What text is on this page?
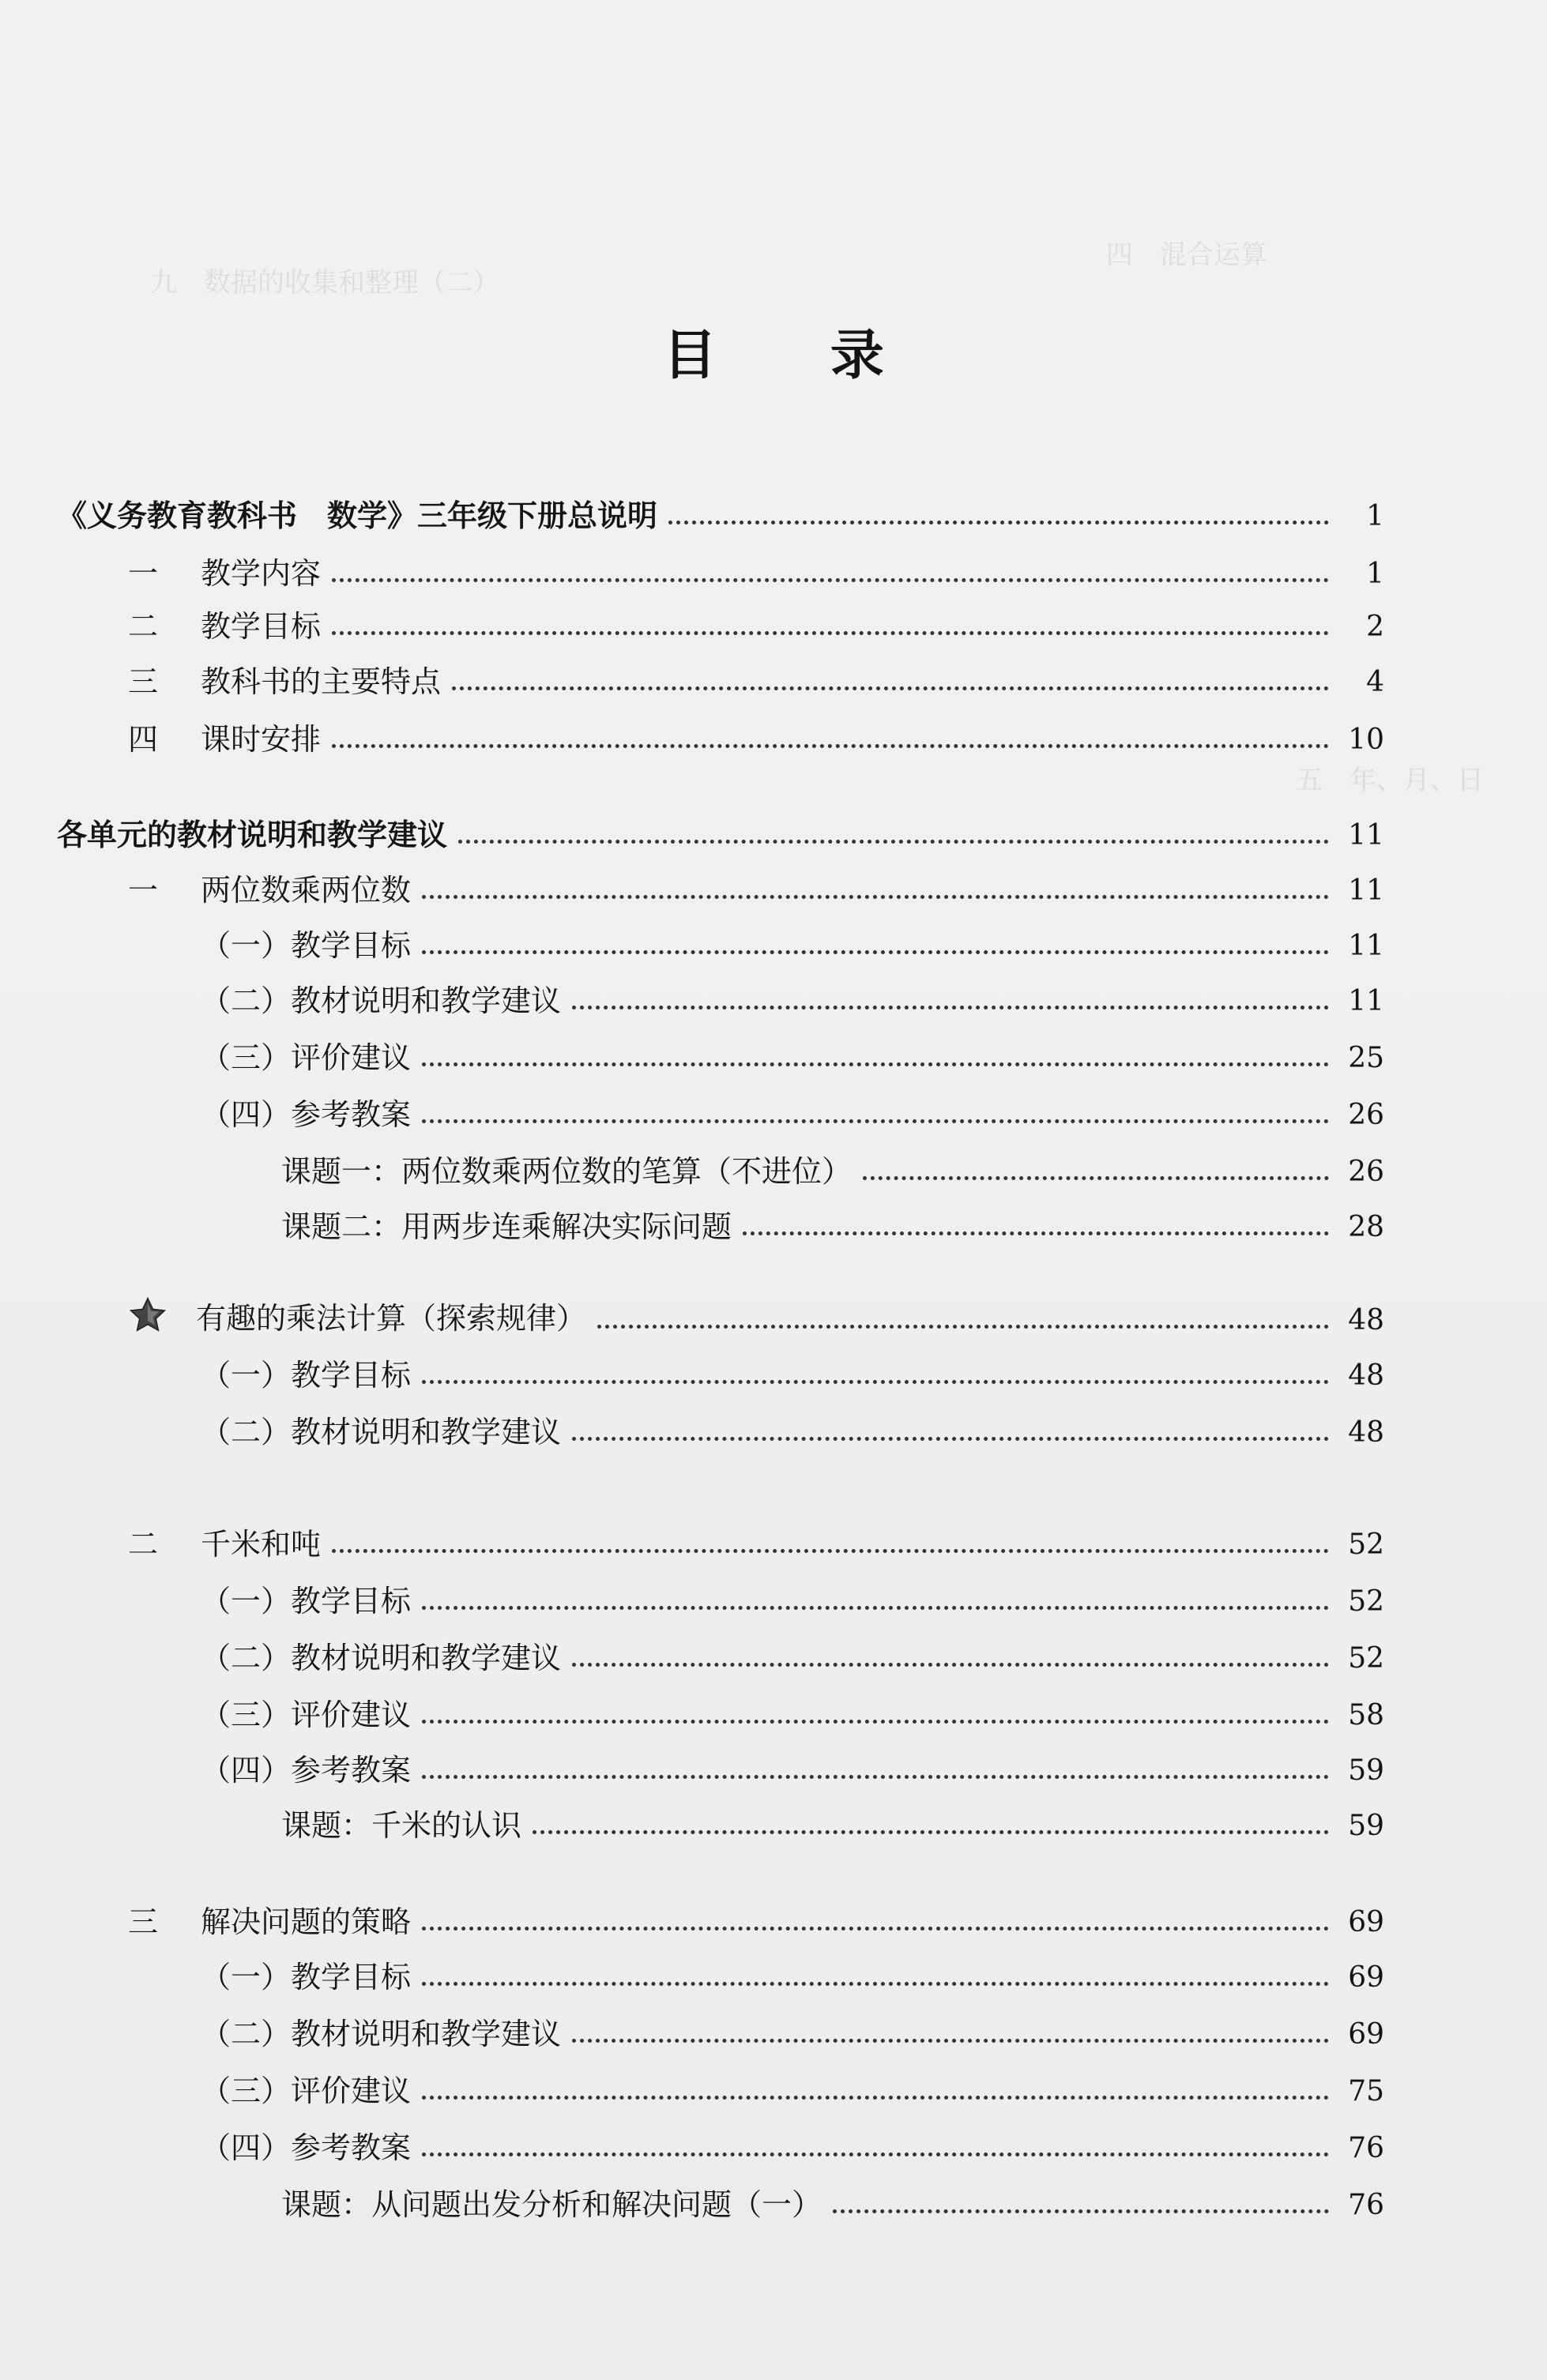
九　数据的收集和整理（二）
四　混合运算
五　年、月、日
目 录
《义务教育教科书　数学》三年级下册总说明	1
一 教学内容	1
二 教学目标	2
三 教科书的主要特点	4
四 课时安排	10
各单元的教材说明和教学建议	11
一 两位数乘两位数	11
（一）教学目标	11
（二）教材说明和教学建议	11
（三）评价建议	25
（四）参考教案	26
课题一：两位数乘两位数的笔算（不进位）	26
课题二：用两步连乘解决实际问题	28
有趣的乘法计算（探索规律）	48
（一）教学目标	48
（二）教材说明和教学建议	48
二 千米和吨	52
（一）教学目标	52
（二）教材说明和教学建议	52
（三）评价建议	58
（四）参考教案	59
课题：千米的认识	59
三 解决问题的策略	69
（一）教学目标	69
（二）教材说明和教学建议	69
（三）评价建议	75
（四）参考教案	76
课题：从问题出发分析和解决问题（一）	76
